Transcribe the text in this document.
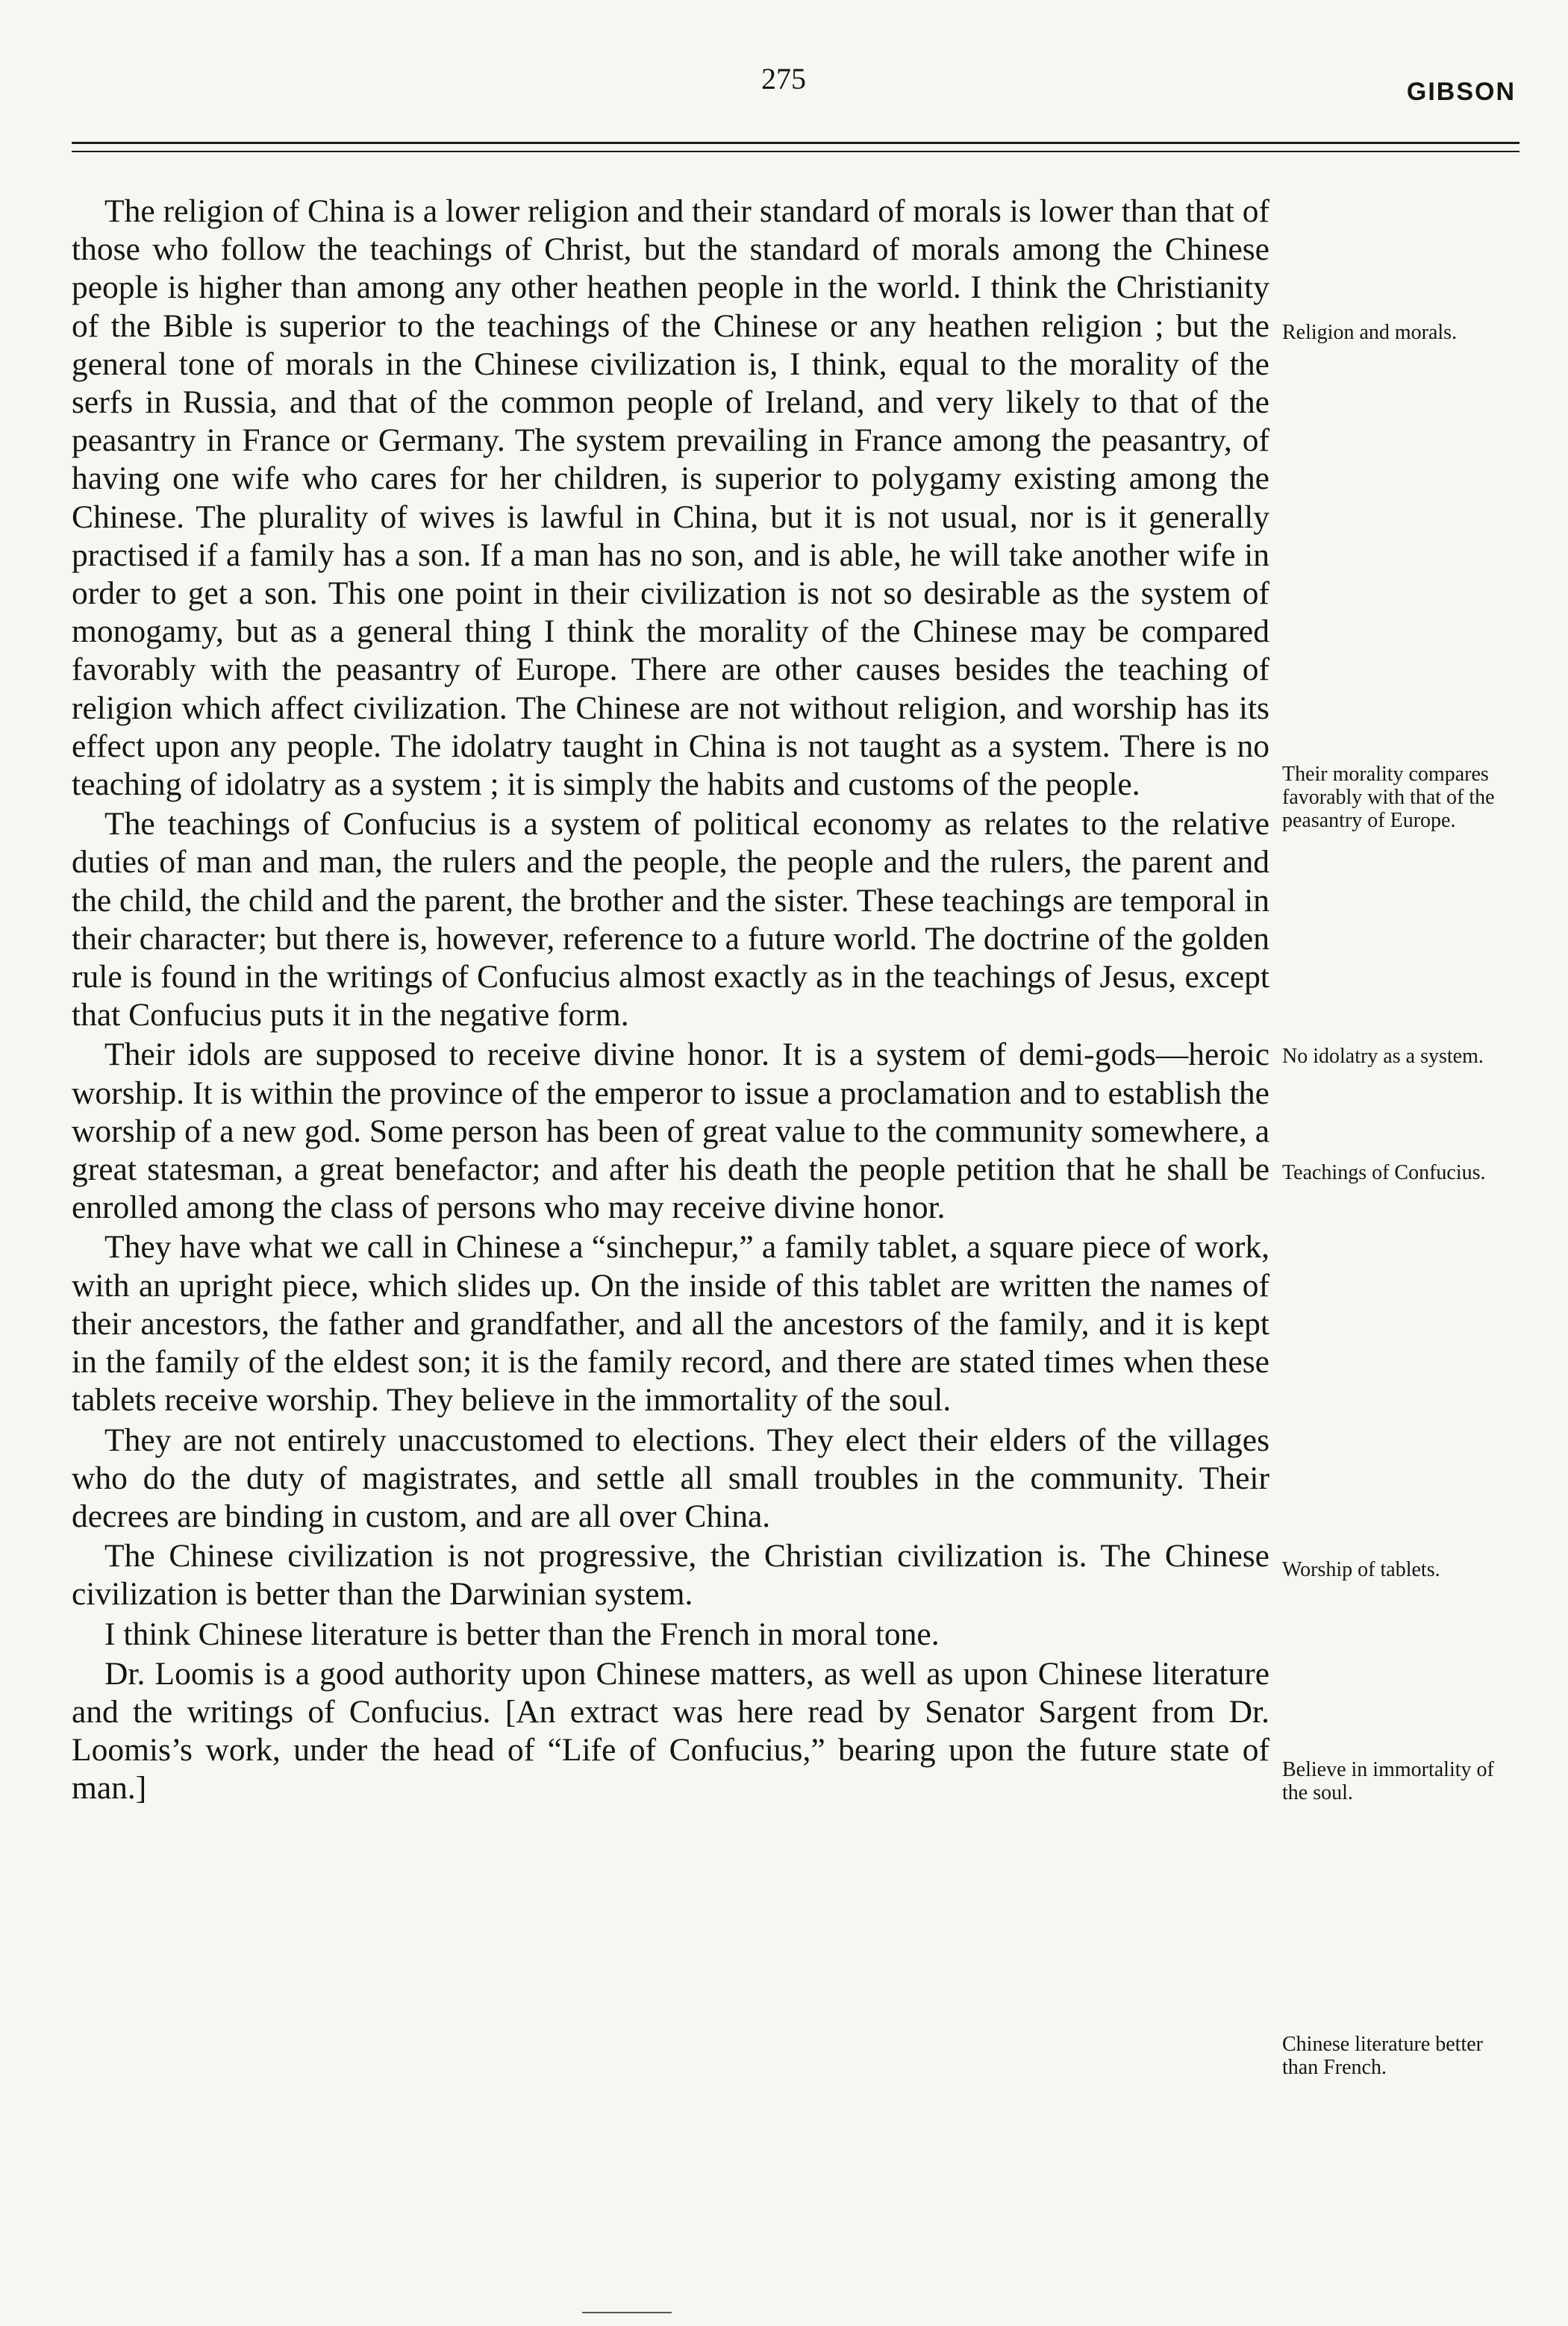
275	GIBSON

The religion of China is a lower religion and their standard of morals is lower than that of those who follow the teachings of Christ, but the standard of morals among the Chinese people is higher than among any other heathen people in the world. I think the Christianity of the Bible is superior to the teachings of the Chinese or any heathen religion ; but the general tone of morals in the Chinese civilization is, I think, equal to the morality of the serfs in Russia, and that of the common people of Ireland, and very likely to that of the peasantry in France or Germany. The system prevailing in France among the peasantry, of having one wife who cares for her children, is superior to polygamy existing among the Chinese. The plurality of wives is lawful in China, but it is not usual, nor is it generally practised if a family has a son. If a man has no son, and is able, he will take another wife in order to get a son. This one point in their civilization is not so desirable as the system of monogamy, but as a general thing I think the morality of the Chinese may be compared favorably with the peasantry of Europe. There are other causes besides the teaching of religion which affect civilization. The Chinese are not without religion, and worship has its effect upon any people. The idolatry taught in China is not taught as a system. There is no teaching of idolatry as a system ; it is simply the habits and customs of the people.

The teachings of Confucius is a system of political economy as relates to the relative duties of man and man, the rulers and the people, the people and the rulers, the parent and the child, the child and the parent, the brother and the sister. These teachings are temporal in their character; but there is, however, reference to a future world. The doctrine of the golden rule is found in the writings of Confucius almost exactly as in the teachings of Jesus, except that Confucius puts it in the negative form.

Their idols are supposed to receive divine honor. It is a system of demi-gods—heroic worship. It is within the province of the emperor to issue a proclamation and to establish the worship of a new god. Some person has been of great value to the community somewhere, a great statesman, a great benefactor; and after his death the people petition that he shall be enrolled among the class of persons who may receive divine honor.

They have what we call in Chinese a “sinchepur,” a family tablet, a square piece of work, with an upright piece, which slides up. On the inside of this tablet are written the names of their ancestors, the father and grandfather, and all the ancestors of the family, and it is kept in the family of the eldest son; it is the family record, and there are stated times when these tablets receive worship. They believe in the immortality of the soul.

They are not entirely unaccustomed to elections. They elect their elders of the villages who do the duty of magistrates, and settle all small troubles in the community. Their decrees are binding in custom, and are all over China.

The Chinese civilization is not progressive, the Christian civilization is. The Chinese civilization is better than the Darwinian system.

I think Chinese literature is better than the French in moral tone.

Dr. Loomis is a good authority upon Chinese matters, as well as upon Chinese literature and the writings of Confucius. [An extract was here read by Senator Sargent from Dr. Loomis’s work, under the head of “Life of Confucius,” bearing upon the future state of man.]

Religion and morals.
Their morality compares favorably with that of the peasantry of Europe.
No idolatry as a system.
Teachings of Confucius.
Worship of tablets.
Believe in immortality of the soul.
Chinese literature better than French.
